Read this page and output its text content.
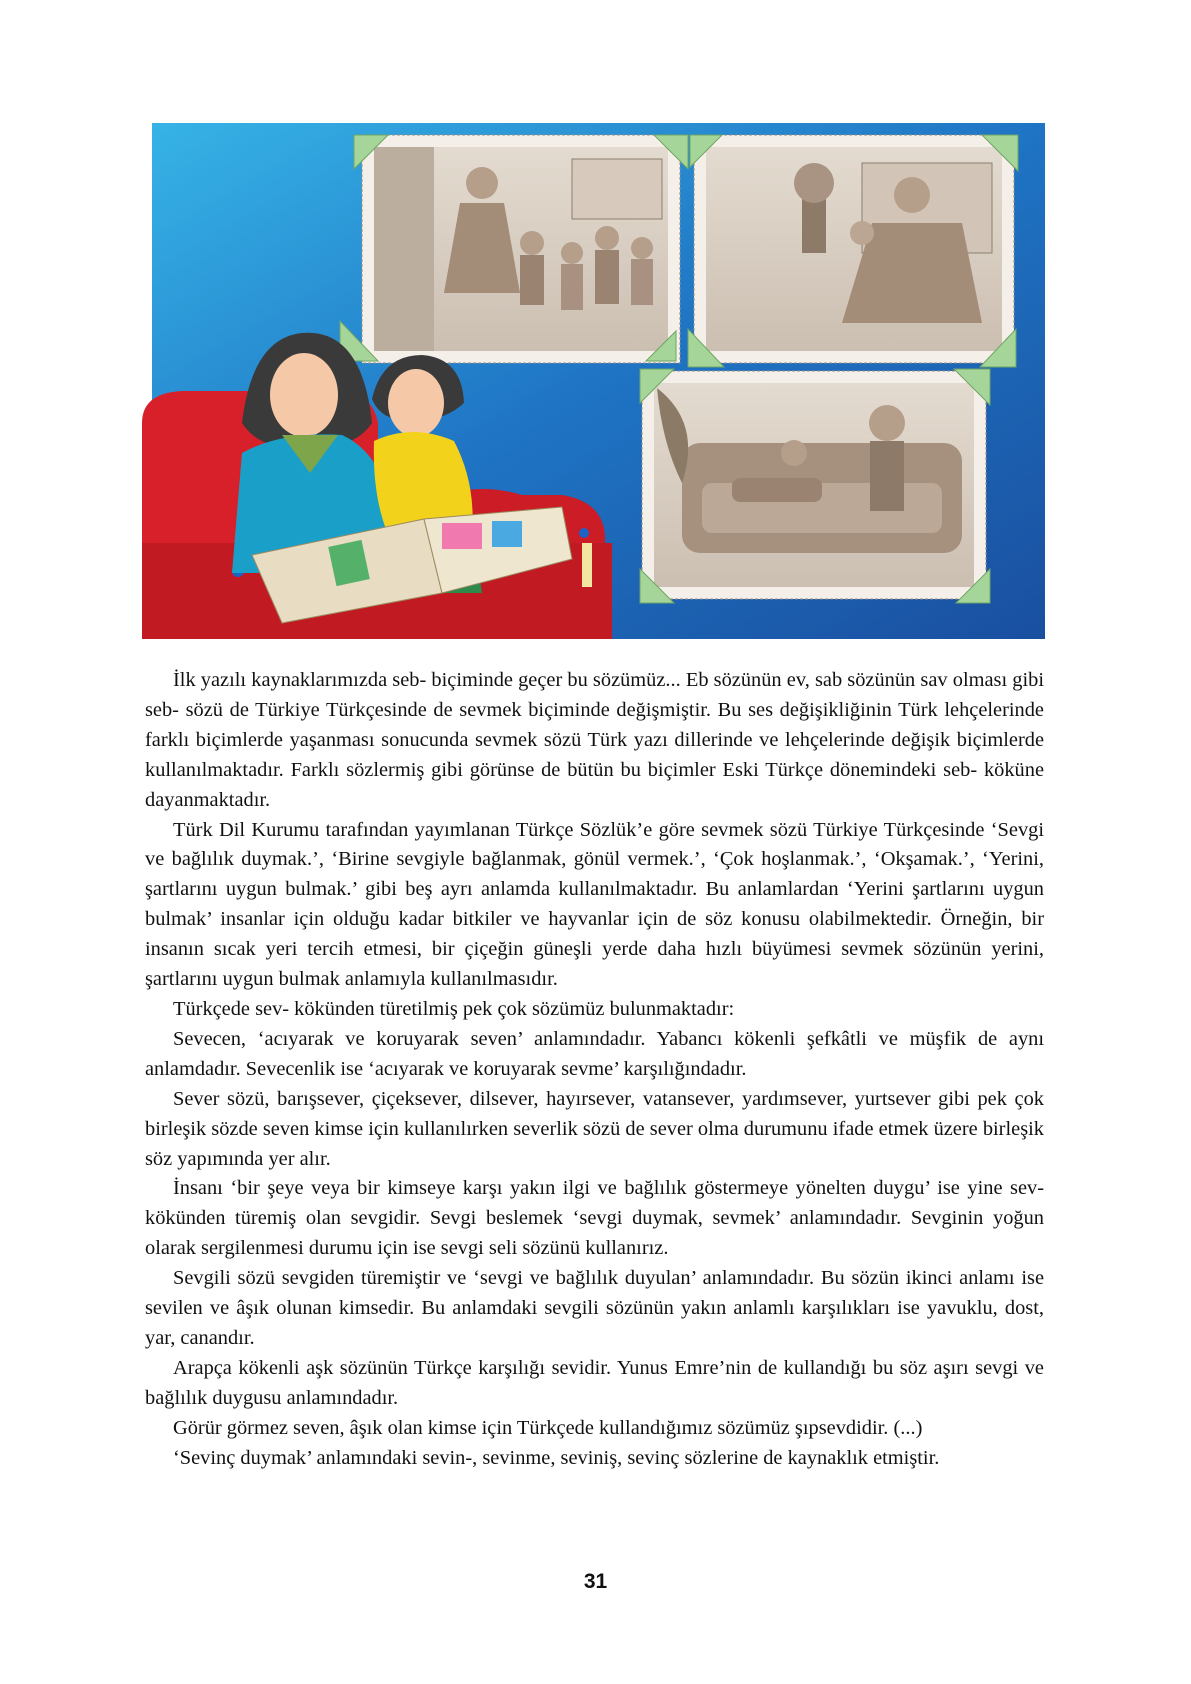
İlk yazılı kaynaklarımızda seb- biçiminde geçer bu sözümüz... Eb sözünün ev, sab sözünün sav olması gibi seb- sözü de Türkiye Türkçesinde de sevmek biçiminde değişmiştir. Bu ses değişikliğinin Türk lehçelerinde farklı biçimlerde yaşanması sonucunda sevmek sözü Türk yazı dillerinde ve lehçelerinde değişik biçimlerde kullanılmaktadır. Farklı sözlermiş gibi görünse de bütün bu biçimler Eski Türkçe dönemindeki seb- köküne dayanmaktadır.

Türk Dil Kurumu tarafından yayımlanan Türkçe Sözlük’e göre sevmek sözü Türkiye Türkçesinde ‘Sevgi ve bağlılık duymak.’, ‘Birine sevgiyle bağlanmak, gönül vermek.’, ‘Çok hoşlanmak.’, ‘Okşamak.’, ‘Yerini, şartlarını uygun bulmak.’ gibi beş ayrı anlamda kullanılmaktadır. Bu anlamlardan ‘Yerini şartlarını uygun bulmak’ insanlar için olduğu kadar bitkiler ve hayvanlar için de söz konusu olabilmektedir. Örneğin, bir insanın sıcak yeri tercih etmesi, bir çiçeğin güneşli yerde daha hızlı büyümesi sevmek sözünün yerini, şartlarını uygun bulmak anlamıyla kullanılmasıdır.

Türkçede sev- kökünden türetilmiş pek çok sözümüz bulunmaktadır:

Sevecen, ‘acıyarak ve koruyarak seven’ anlamındadır. Yabancı kökenli şefkâtli ve müşfik de aynı anlamdadır. Sevecenlik ise ‘acıyarak ve koruyarak sevme’ karşılığındadır.

Sever sözü, barışsever, çiçeksever, dilsever, hayırsever, vatansever, yardımsever, yurtsever gibi pek çok birleşik sözde seven kimse için kullanılırken severlik sözü de sever olma durumunu ifade etmek üzere birleşik söz yapımında yer alır.

İnsanı ‘bir şeye veya bir kimseye karşı yakın ilgi ve bağlılık göstermeye yönelten duygu’ ise yine sev- kökünden türemiş olan sevgidir. Sevgi beslemek ‘sevgi duymak, sevmek’ anlamındadır. Sevginin yoğun olarak sergilenmesi durumu için ise sevgi seli sözünü kullanırız.

Sevgili sözü sevgiden türemiştir ve ‘sevgi ve bağlılık duyulan’ anlamındadır. Bu sözün ikinci anlamı ise sevilen ve âşık olunan kimsedir. Bu anlamdaki sevgili sözünün yakın anlamlı karşılıkları ise yavuklu, dost, yar, canandır.

Arapça kökenli aşk sözünün Türkçe karşılığı sevidir. Yunus Emre’nin de kullandığı bu söz aşırı sevgi ve bağlılık duygusu anlamındadır.

Görür görmez seven, âşık olan kimse için Türkçede kullandığımız sözümüz şıpsevdidir. (...)

‘Sevinç duymak’ anlamındaki sevin-, sevinme, seviniş, sevinç sözlerine de kaynaklık etmiştir.

31
